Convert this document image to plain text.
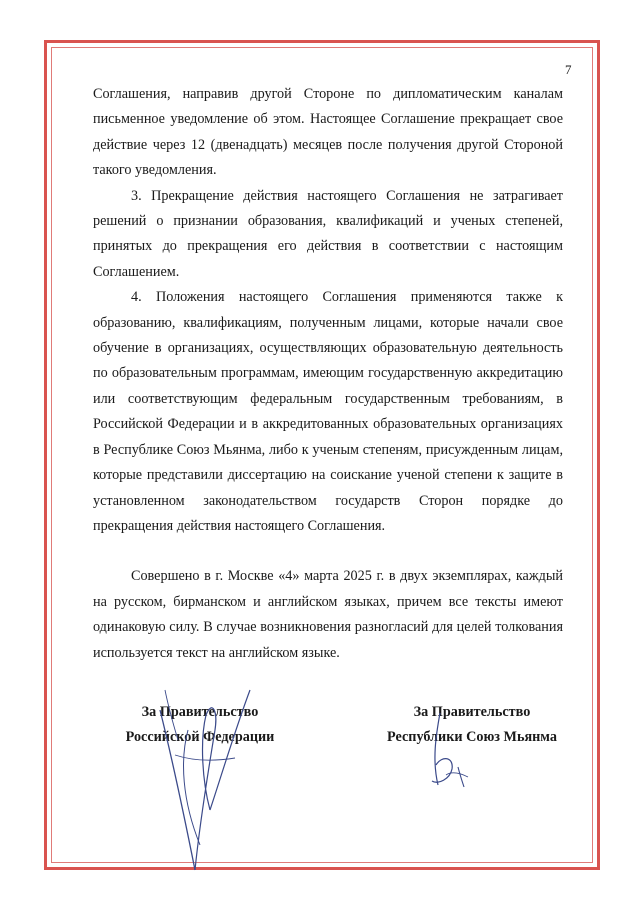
7

Соглашения, направив другой Стороне по дипломатическим каналам письменное уведомление об этом. Настоящее Соглашение прекращает свое действие через 12 (двенадцать) месяцев после получения другой Стороной такого уведомления.

3. Прекращение действия настоящего Соглашения не затрагивает решений о признании образования, квалификаций и ученых степеней, принятых до прекращения его действия в соответствии с настоящим Соглашением.

4. Положения настоящего Соглашения применяются также к образованию, квалификациям, полученным лицами, которые начали свое обучение в организациях, осуществляющих образовательную деятельность по образовательным программам, имеющим государственную аккредитацию или соответствующим федеральным государственным требованиям, в Российской Федерации и в аккредитованных образовательных организациях в Республике Союз Мьянма, либо к ученым степеням, присужденным лицам, которые представили диссертацию на соискание ученой степени к защите в установленном законодательством государств Сторон порядке до прекращения действия настоящего Соглашения.

Совершено в г. Москве «4» марта 2025 г. в двух экземплярах, каждый на русском, бирманском и английском языках, причем все тексты имеют одинаковую силу. В случае возникновения разногласий для целей толкования используется текст на английском языке.

За Правительство
Российской Федерации
За Правительство
Республики Союз Мьянма
